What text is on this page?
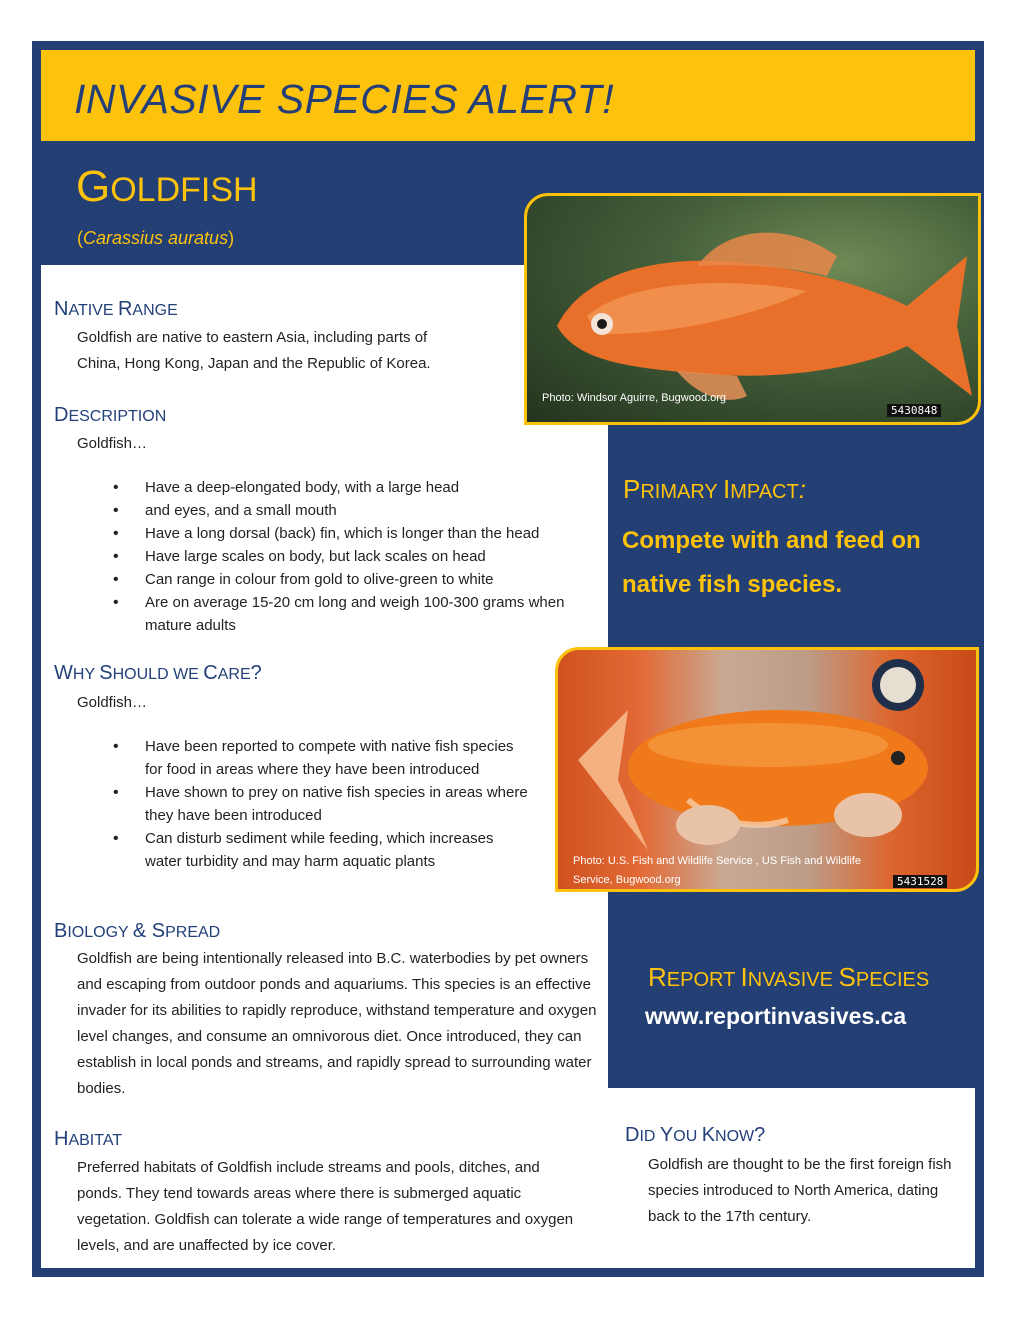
INVASIVE SPECIES ALERT!
GOLDFISH
(Carassius auratus)
Photo: Windsor Aguirre, Bugwood.org
5430848
Photo: U.S. Fish and Wildlife Service , US Fish and Wildlife
Service, Bugwood.org	5431528
NATIVE RANGE
Goldfish are native to eastern Asia, including parts of
China, Hong Kong, Japan and the Republic of Korea.
DESCRIPTION
Goldfish…
• Have a deep-elongated body, with a large head
• and eyes, and a small mouth
• Have a long dorsal (back) fin, which is longer than the head
• Have large scales on body, but lack scales on head
• Can range in colour from gold to olive-green to white
• Are on average 15-20 cm long and weigh 100-300 grams when mature adults
WHY SHOULD WE CARE?
Goldfish…
• Have been reported to compete with native fish species for food in areas where they have been introduced
• Have shown to prey on native fish species in areas where they have been introduced
• Can disturb sediment while feeding, which increases water turbidity and may harm aquatic plants
BIOLOGY & SPREAD
Goldfish are being intentionally released into B.C. waterbodies by pet owners and escaping from outdoor ponds and aquariums. This species is an effective invader for its abilities to rapidly reproduce, withstand temperature and oxygen level changes, and consume an omnivorous diet. Once introduced, they can establish in local ponds and streams, and rapidly spread to surrounding water bodies.
HABITAT
Preferred habitats of Goldfish include streams and pools, ditches, and ponds. They tend towards areas where there is submerged aquatic vegetation. Goldfish can tolerate a wide range of temperatures and oxygen levels, and are unaffected by ice cover.
PRIMARY IMPACT:
Compete with and feed on
native fish species.
REPORT INVASIVE SPECIES
www.reportinvasives.ca
DID YOU KNOW?
Goldfish are thought to be the first foreign fish species introduced to North America, dating back to the 17th century.
